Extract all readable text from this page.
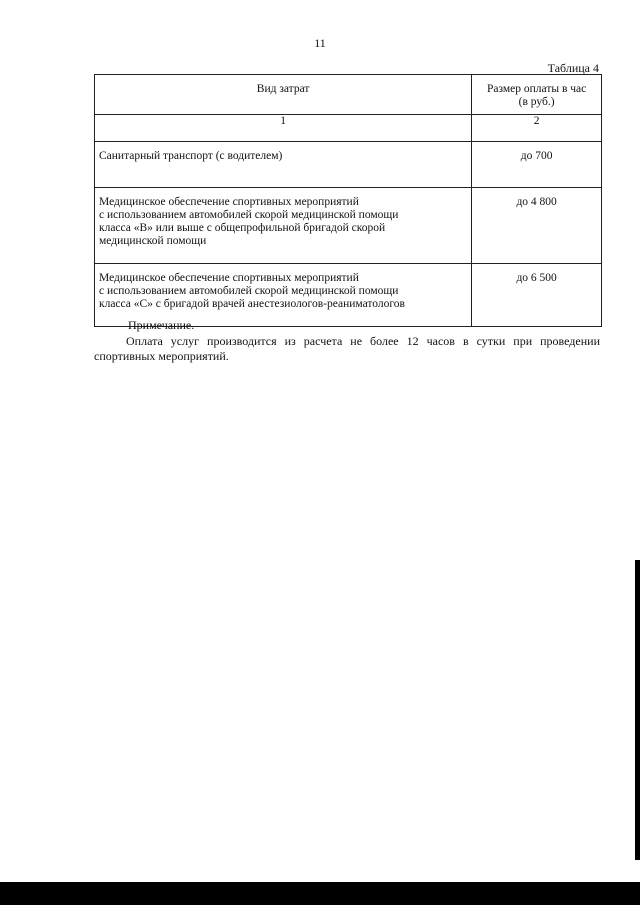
11
Таблица 4
Вид затрат	Размер оплаты в час
(в руб.)

1	2

Санитарный транспорт (с водителем)	до 700

Медицинское обеспечение спортивных мероприятий
с использованием автомобилей скорой медицинской помощи
класса «В» или выше с общепрофильной бригадой скорой
медицинской помощи	до 4 800

Медицинское обеспечение спортивных мероприятий
с использованием автомобилей скорой медицинской помощи
класса «С» с бригадой врачей анестезиологов-реаниматологов	до 6 500
Примечание.
Оплата услуг производится из расчета не более 12 часов в сутки при проведении спортивных мероприятий.
